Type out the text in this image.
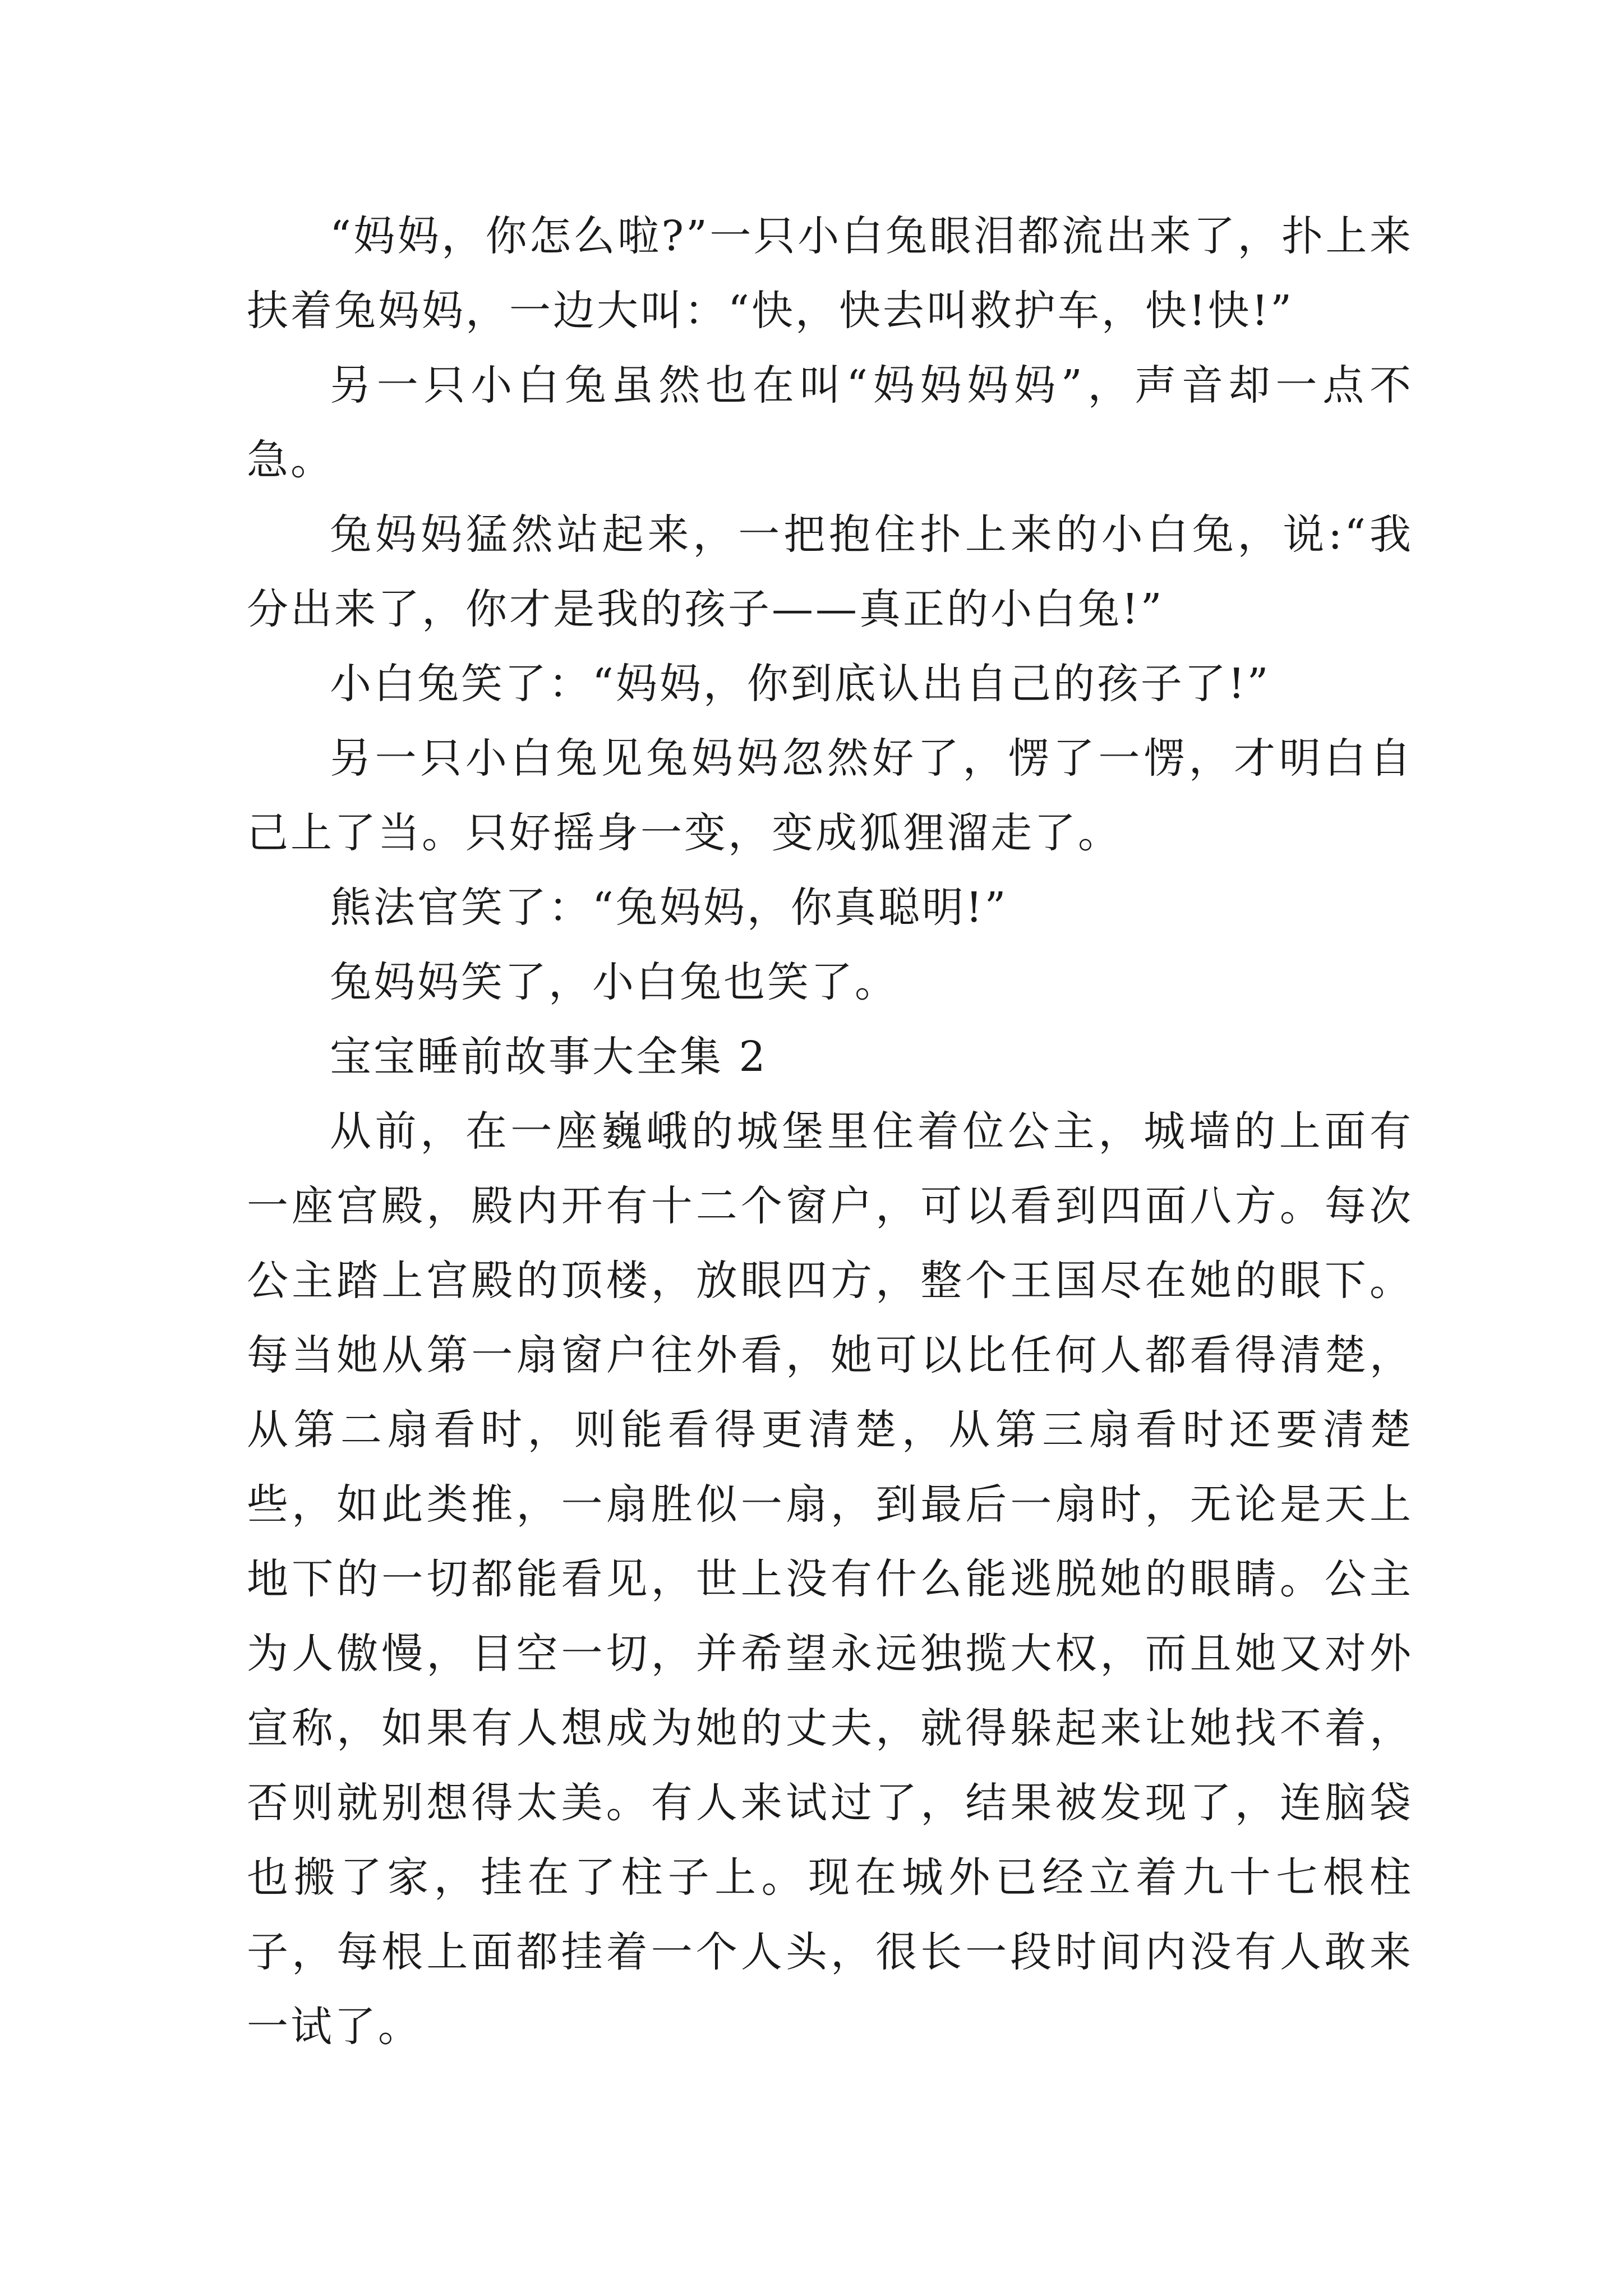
“妈妈，你怎么啦?”一只小白兔眼泪都流出来了，扑上来扶着兔妈妈，一边大叫：“快，快去叫救护车，快!快!”

另一只小白兔虽然也在叫“妈妈妈妈”，声音却一点不急。

兔妈妈猛然站起来，一把抱住扑上来的小白兔，说:“我分出来了，你才是我的孩子——真正的小白兔!”

小白兔笑了：“妈妈，你到底认出自己的孩子了!”

另一只小白兔见兔妈妈忽然好了，愣了一愣，才明白自己上了当。只好摇身一变，变成狐狸溜走了。

熊法官笑了：“兔妈妈，你真聪明!”

兔妈妈笑了，小白兔也笑了。

宝宝睡前故事大全集 2

从前，在一座巍峨的城堡里住着位公主，城墙的上面有一座宫殿，殿内开有十二个窗户，可以看到四面八方。每次公主踏上宫殿的顶楼，放眼四方，整个王国尽在她的眼下。每当她从第一扇窗户往外看，她可以比任何人都看得清楚，从第二扇看时，则能看得更清楚，从第三扇看时还要清楚些，如此类推，一扇胜似一扇，到最后一扇时，无论是天上地下的一切都能看见，世上没有什么能逃脱她的眼睛。公主为人傲慢，目空一切，并希望永远独揽大权，而且她又对外宣称，如果有人想成为她的丈夫，就得躲起来让她找不着，否则就别想得太美。有人来试过了，结果被发现了，连脑袋也搬了家，挂在了柱子上。现在城外已经立着九十七根柱子，每根上面都挂着一个人头，很长一段时间内没有人敢来一试了。
